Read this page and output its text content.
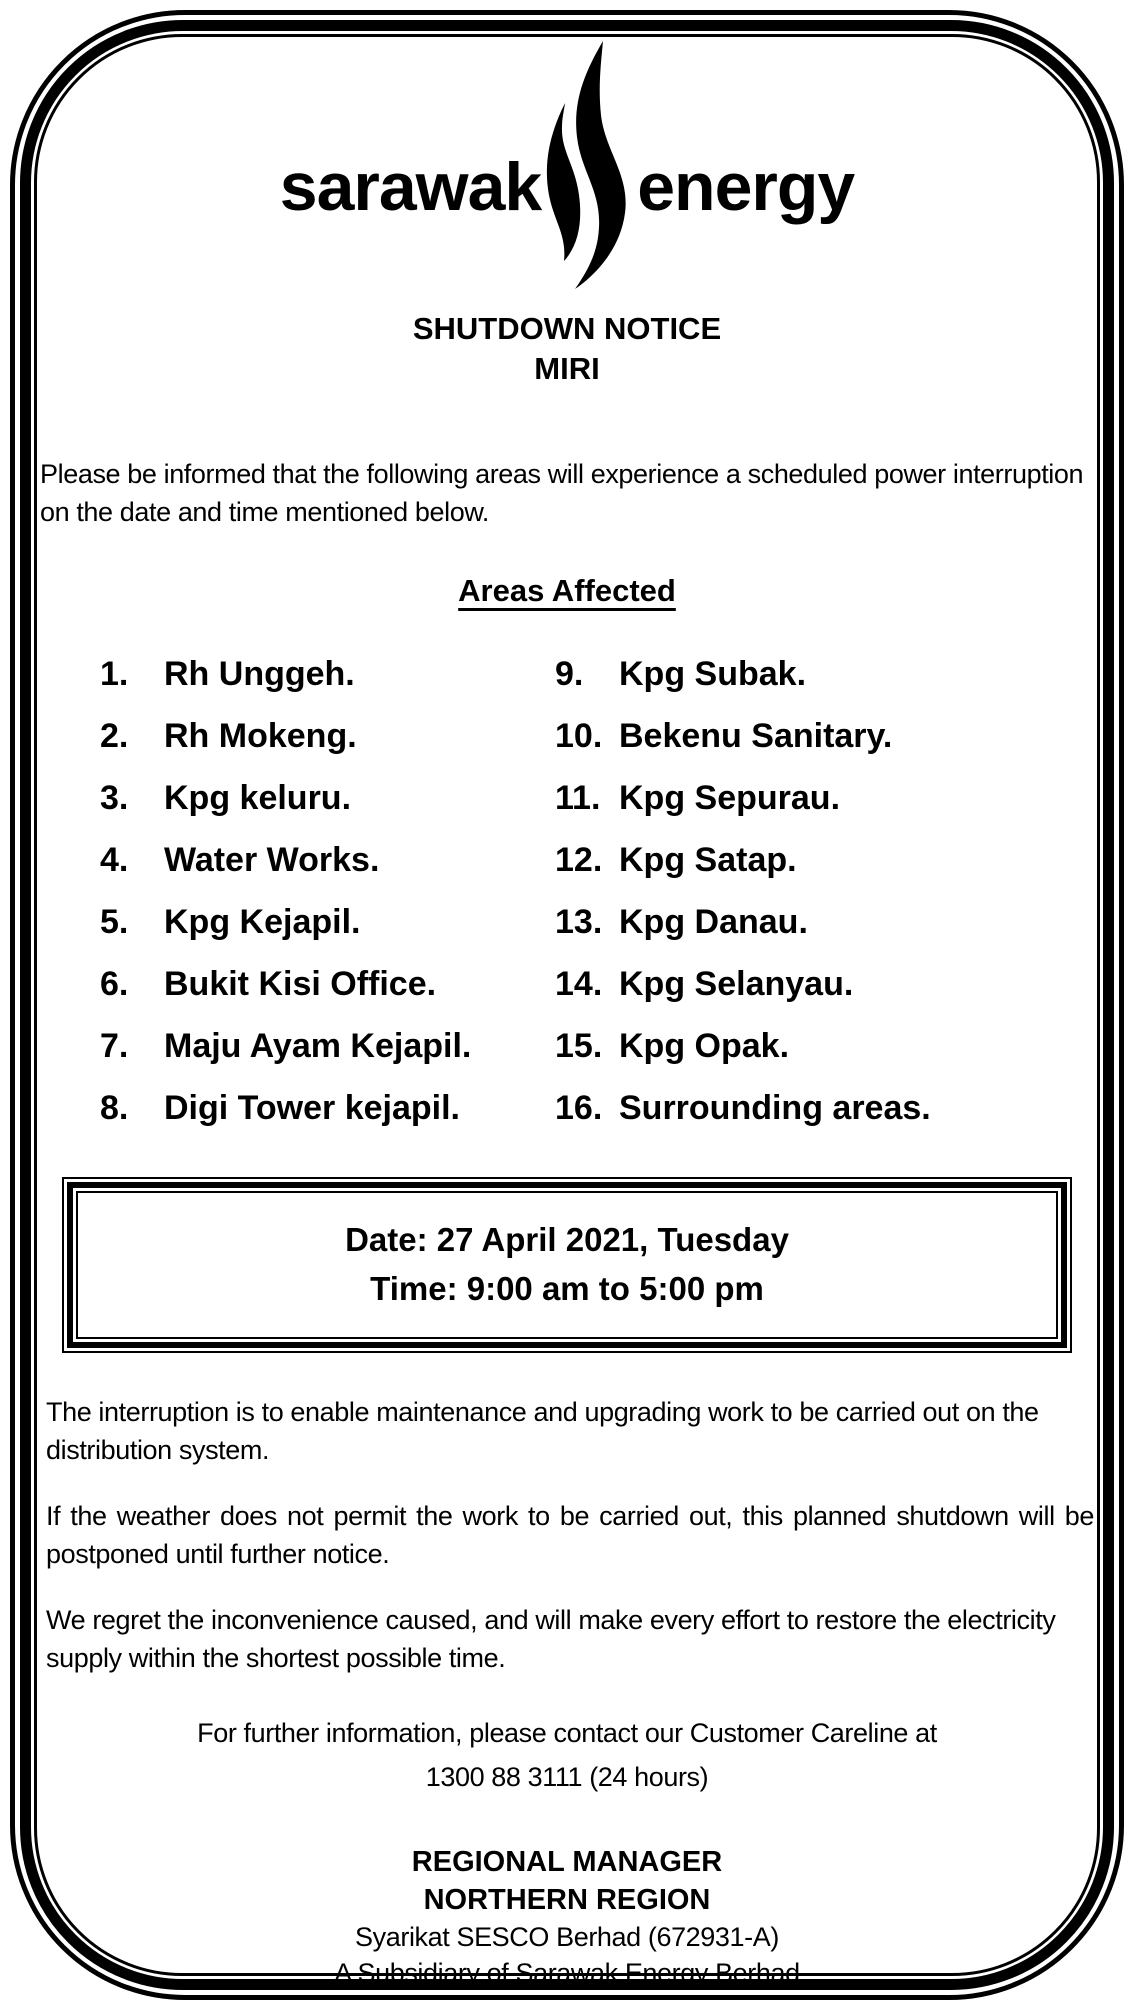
sarawak energy
SHUTDOWN NOTICE
MIRI

Please be informed that the following areas will experience a scheduled power interruption on the date and time mentioned below.

Areas Affected
1.	Rh Unggeh.
2.	Rh Mokeng.
3.	Kpg keluru.
4.	Water Works.
5.	Kpg Kejapil.
6.	Bukit Kisi Office.
7.	Maju Ayam Kejapil.
8.	Digi Tower kejapil.
9.	Kpg Subak.
10. Bekenu Sanitary.
11. Kpg Sepurau.
12. Kpg Satap.
13. Kpg Danau.
14. Kpg Selanyau.
15. Kpg Opak.
16. Surrounding areas.
Date: 27 April 2021, Tuesday
Time: 9:00 am to 5:00 pm

The interruption is to enable maintenance and upgrading work to be carried out on the distribution system.

If the weather does not permit the work to be carried out, this planned shutdown will be postponed until further notice.

We regret the inconvenience caused, and will make every effort to restore the electricity supply within the shortest possible time.

For further information, please contact our Customer Careline at
1300 88 3111 (24 hours)
REGIONAL MANAGER
NORTHERN REGION
Syarikat SESCO Berhad (672931-A)
A Subsidiary of Sarawak Energy Berhad
